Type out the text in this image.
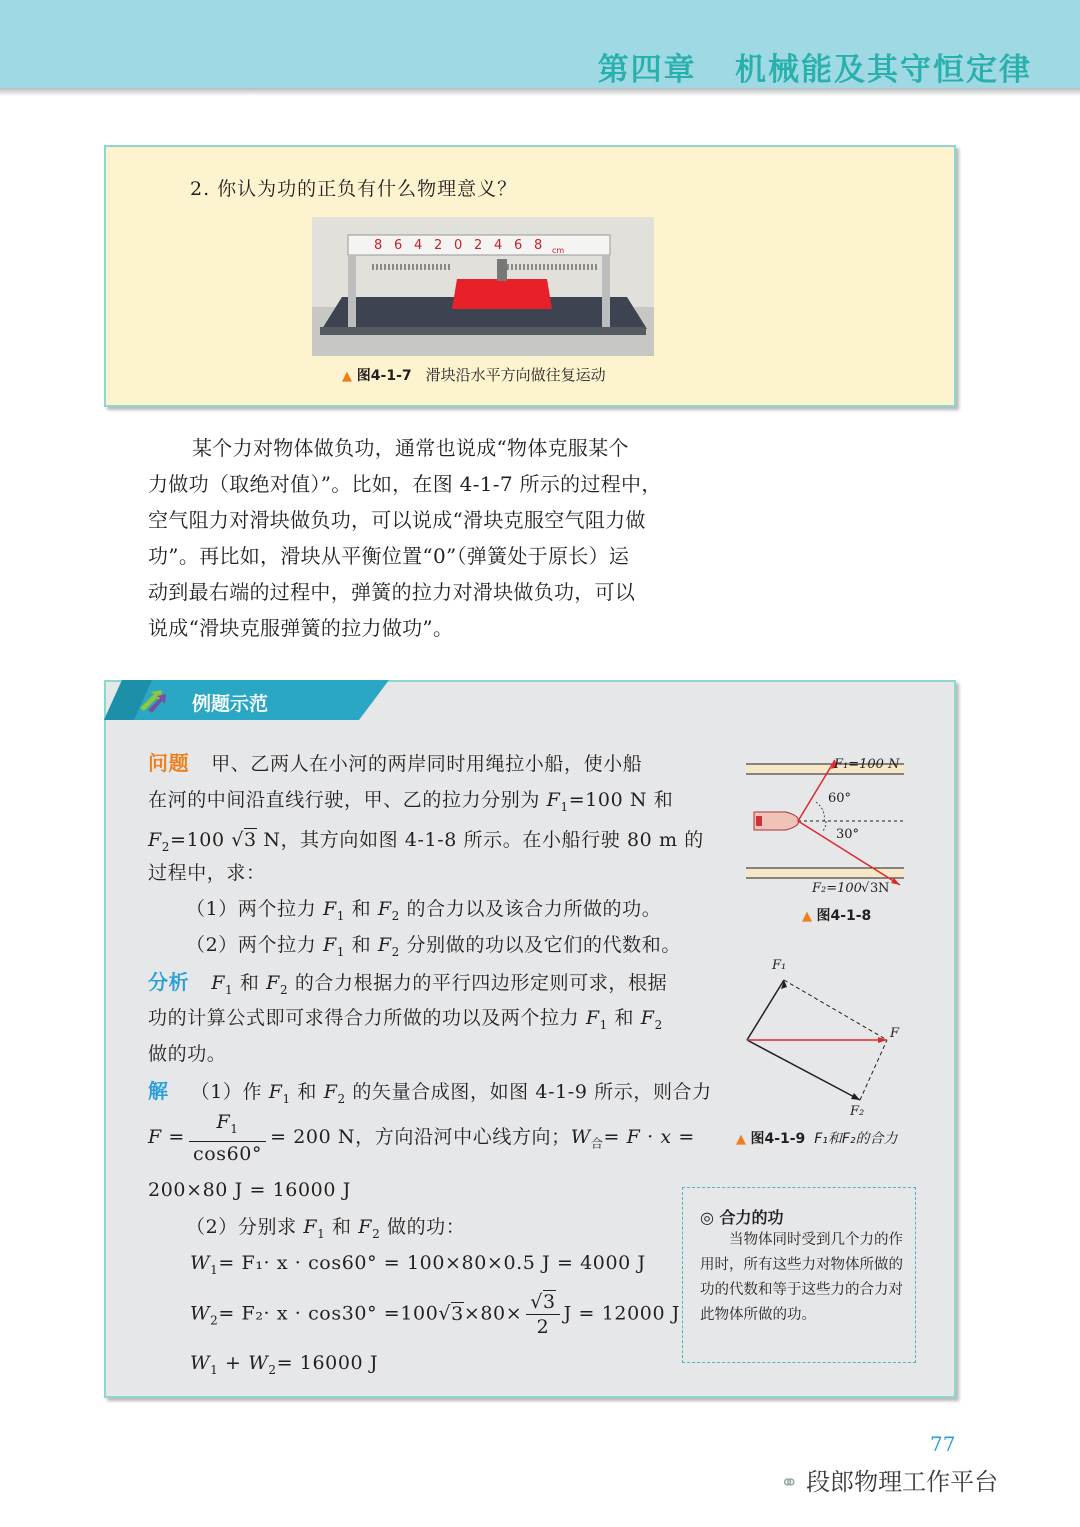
第四章 机械能及其守恒定律
2. 你认为功的正负有什么物理意义？
8 6 4 2 0 2 4 6 8 cm
▲ 图4-1-7 滑块沿水平方向做往复运动
某个力对物体做负功，通常也说成“物体克服某个
力做功（取绝对值）”。比如，在图 4-1-7 所示的过程中，
空气阻力对滑块做负功，可以说成“滑块克服空气阻力做
功”。再比如，滑块从平衡位置“0”（弹簧处于原长）运
动到最右端的过程中，弹簧的拉力对滑块做负功，可以
说成“滑块克服弹簧的拉力做功”。
例题示范
问题 甲、乙两人在小河的两岸同时用绳拉小船，使小船
在河的中间沿直线行驶，甲、乙的拉力分别为 $F_1=100$ N 和
$F_2=100$ √3 N，其方向如图 4-1-8 所示。在小船行驶 80 m 的
过程中，求：
（1）两个拉力 $F_1$ 和 $F_2$ 的合力以及该合力所做的功。
（2）两个拉力 $F_1$ 和 $F_2$ 分别做的功以及它们的代数和。
分析 $F_1$ 和 $F_2$ 的合力根据力的平行四边形定则可求，根据
功的计算公式即可求得合力所做的功以及两个拉力 $F_1$ 和 $F_2$
做的功。
解 （1）作 $F_1$ 和 $F_2$ 的矢量合成图，如图 4-1-9 所示，则合力
$F = \frac{F_1}{\cos 60^\circ} = 200$ N，方向沿河中心线方向；$W_合= F \cdot x$ =
200×80 J = 16000 J
（2）分别求 $F_1$ 和 $F_2$ 做的功：
$W_1= F_1\cdot x \cdot \cos 60^\circ = 100\times 80\times 0.5$ J = 4000 J
$W_2= F_2\cdot x \cdot \cos 30^\circ =100√3\times 80\times \frac{√3}{2}$ J = 12000 J
$W_1 + W_2= 16000$ J
F₁=100 N
60°
30°
F₂=100 √ 3 N
▲ 图4-1-8
F₁
F
F₂
▲ 图4-1-9 F₁和F₂的合力
◎ 合力的功
当物体同时受到几个力的作用时，所有这些力对物体所做的功的代数和等于这些力的合力对此物体所做的功。
77
⚭ 段郎物理工作平台
